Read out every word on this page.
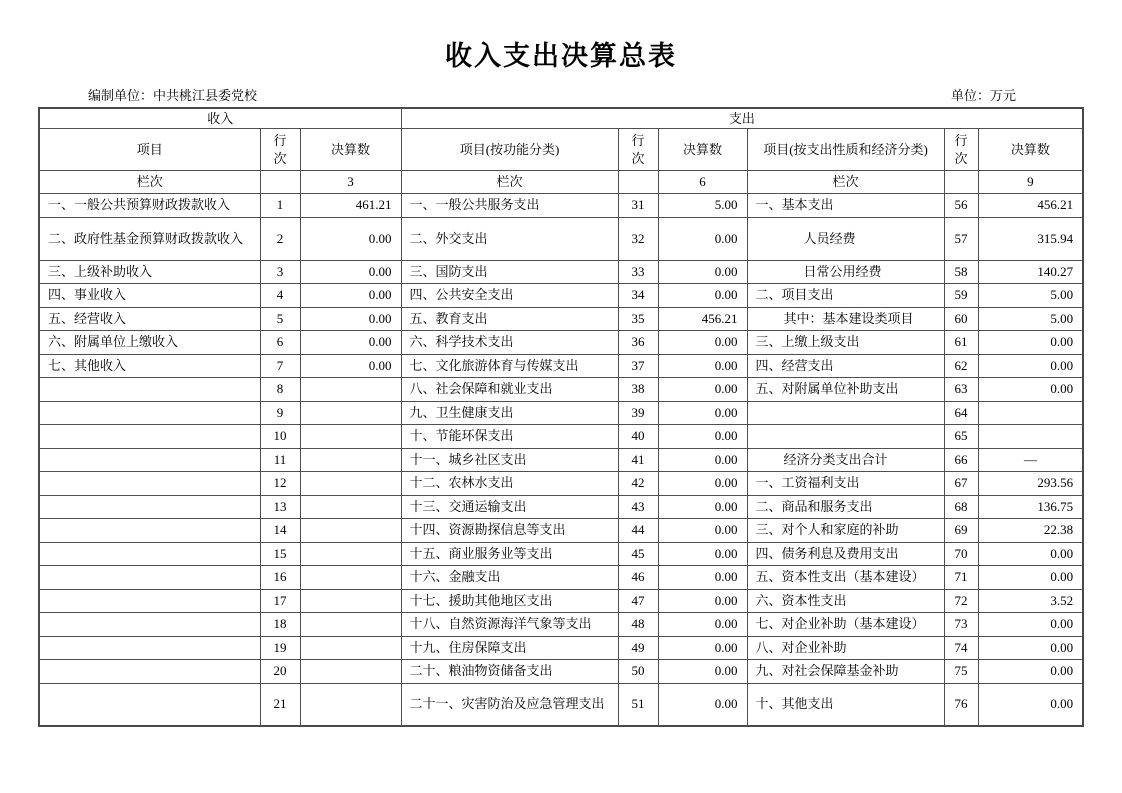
收入支出决算总表
编制单位：中共桃江县委党校	单位：万元
收入			支出					
项目	行次	决算数	项目(按功能分类)	行次	决算数	项目(按支出性质和经济分类)	行次	决算数
栏次		3	栏次		6	栏次		9
一、一般公共预算财政拨款收入	1	461.21	一、一般公共服务支出	31	5.00	一、基本支出	56	456.21
二、政府性基金预算财政拨款收入	2	0.00	二、外交支出	32	0.00	人员经费	57	315.94
三、上级补助收入	3	0.00	三、国防支出	33	0.00	日常公用经费	58	140.27
四、事业收入	4	0.00	四、公共安全支出	34	0.00	二、项目支出	59	5.00
五、经营收入	5	0.00	五、教育支出	35	456.21	其中：基本建设类项目	60	5.00
六、附属单位上缴收入	6	0.00	六、科学技术支出	36	0.00	三、上缴上级支出	61	0.00
七、其他收入	7	0.00	七、文化旅游体育与传媒支出	37	0.00	四、经营支出	62	0.00
	8		八、社会保障和就业支出	38	0.00	五、对附属单位补助支出	63	0.00
	9		九、卫生健康支出	39	0.00		64	
	10		十、节能环保支出	40	0.00		65	
	11		十一、城乡社区支出	41	0.00	经济分类支出合计	66	—
	12		十二、农林水支出	42	0.00	一、工资福利支出	67	293.56
	13		十三、交通运输支出	43	0.00	二、商品和服务支出	68	136.75
	14		十四、资源勘探信息等支出	44	0.00	三、对个人和家庭的补助	69	22.38
	15		十五、商业服务业等支出	45	0.00	四、债务利息及费用支出	70	0.00
	16		十六、金融支出	46	0.00	五、资本性支出（基本建设）	71	0.00
	17		十七、援助其他地区支出	47	0.00	六、资本性支出	72	3.52
	18		十八、自然资源海洋气象等支出	48	0.00	七、对企业补助（基本建设）	73	0.00
	19		十九、住房保障支出	49	0.00	八、对企业补助	74	0.00
	20		二十、粮油物资储备支出	50	0.00	九、对社会保障基金补助	75	0.00
	21		二十一、灾害防治及应急管理支出	51	0.00	十、其他支出	76	0.00
